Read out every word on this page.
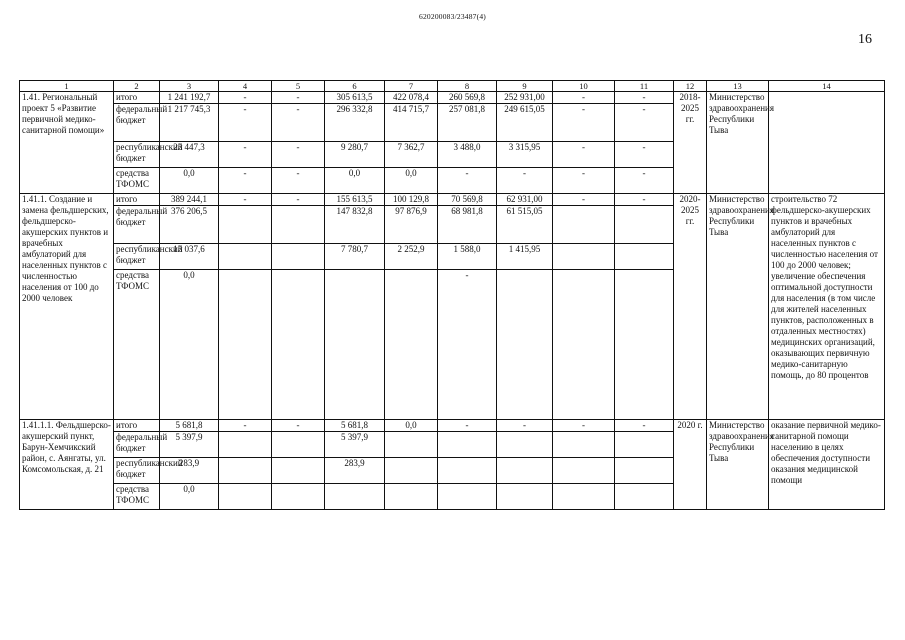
620200083/23487(4)
16
1	2	3	4	5	6	7	8	9	10	11	12	13	14
1.41. Региональный проект 5 «Развитие первичной медико-санитарной помощи»	итого	1 241 192,7	-	-	305 613,5	422 078,4	260 569,8	252 931,00	-	-	2018-2025 гг.	Министерство здравоохранения Республики Тыва	
	федеральный бюджет	1 217 745,3	-	-	296 332,8	414 715,7	257 081,8	249 615,05	-	-			
	республиканский бюджет	23 447,3	-	-	9 280,7	7 362,7	3 488,0	3 315,95	-	-			
	средства ТФОМС	0,0	-	-	0,0	0,0	-	-	-	-			
1.41.1. Создание и замена фельдшерских, фельдшерско-акушерских пунктов и врачебных амбулаторий для населенных пунктов с численностью населения от 100 до 2000 человек	итого	389 244,1	-	-	155 613,5	100 129,8	70 569,8	62 931,00	-	-	2020-2025 гг.	Министерство здравоохранения Республики Тыва	строительство 72 фельдшерско-акушерских пунктов и врачебных амбулаторий для населенных пунктов с численностью населения от 100 до 2000 человек; увеличение обеспечения оптимальной доступности для населения (в том числе для жителей населенных пунктов, расположенных в отдаленных местностях) медицинских организаций, оказывающих первичную медико-санитарную помощь, до 80 процентов
	федеральный бюджет	376 206,5			147 832,8	97 876,9	68 981,8	61 515,05					
	республиканский бюджет	13 037,6			7 780,7	2 252,9	1 588,0	1 415,95					
	средства ТФОМС	0,0					-						
1.41.1.1. Фельдшерско-акушерский пункт, Барун-Хемчикский район, с. Аянгаты, ул. Комсомольская, д. 21	итого	5 681,8	-	-	5 681,8	0,0	-	-	-	-	2020 г.	Министерство здравоохранения Республики Тыва	оказание первичной медико-санитарной помощи населению в целях обеспечения доступности оказания медицинской помощи
	федеральный бюджет	5 397,9			5 397,9								
	республиканский бюджет	283,9			283,9								
	средства ТФОМС	0,0											
